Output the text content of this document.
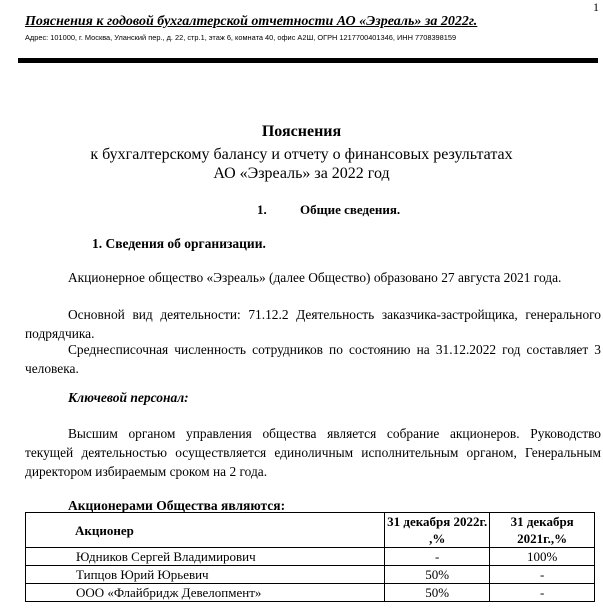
1
Пояснения к годовой бухгалтерской отчетности АО «Эзреаль» за 2022г.
Адрес: 101000, г. Москва, Уланский пер., д. 22, стр.1, этаж 6, комната 40, офис А2Ш, ОГРН 1217700401346, ИНН 7708398159
Пояснения
к бухгалтерскому балансу и отчету о финансовых результатах
АО «Эзреаль» за 2022 год
1.	Общие сведения.
1. Сведения об организации.
Акционерное общество «Эзреаль» (далее Общество) образовано 27 августа 2021 года.
Основной вид деятельности: 71.12.2 Деятельность заказчика-застройщика, генерального подрядчика.
Среднесписочная численность сотрудников по состоянию на 31.12.2022 год составляет 3 человека.
Ключевой персонал:
Высшим органом управления общества является собрание акционеров. Руководство текущей деятельностью осуществляется единоличным исполнительным органом, Генеральным директором избираемым сроком на 2 года.
Акционерами Общества являются:
Акционер	31 декабря 2022г. ,%	31 декабря 2021г.,%
Юдников Сергей Владимирович	-	100%
Типцов Юрий Юрьевич	50%	-
ООО «Флайбридж Девелопмент»	50%	-
